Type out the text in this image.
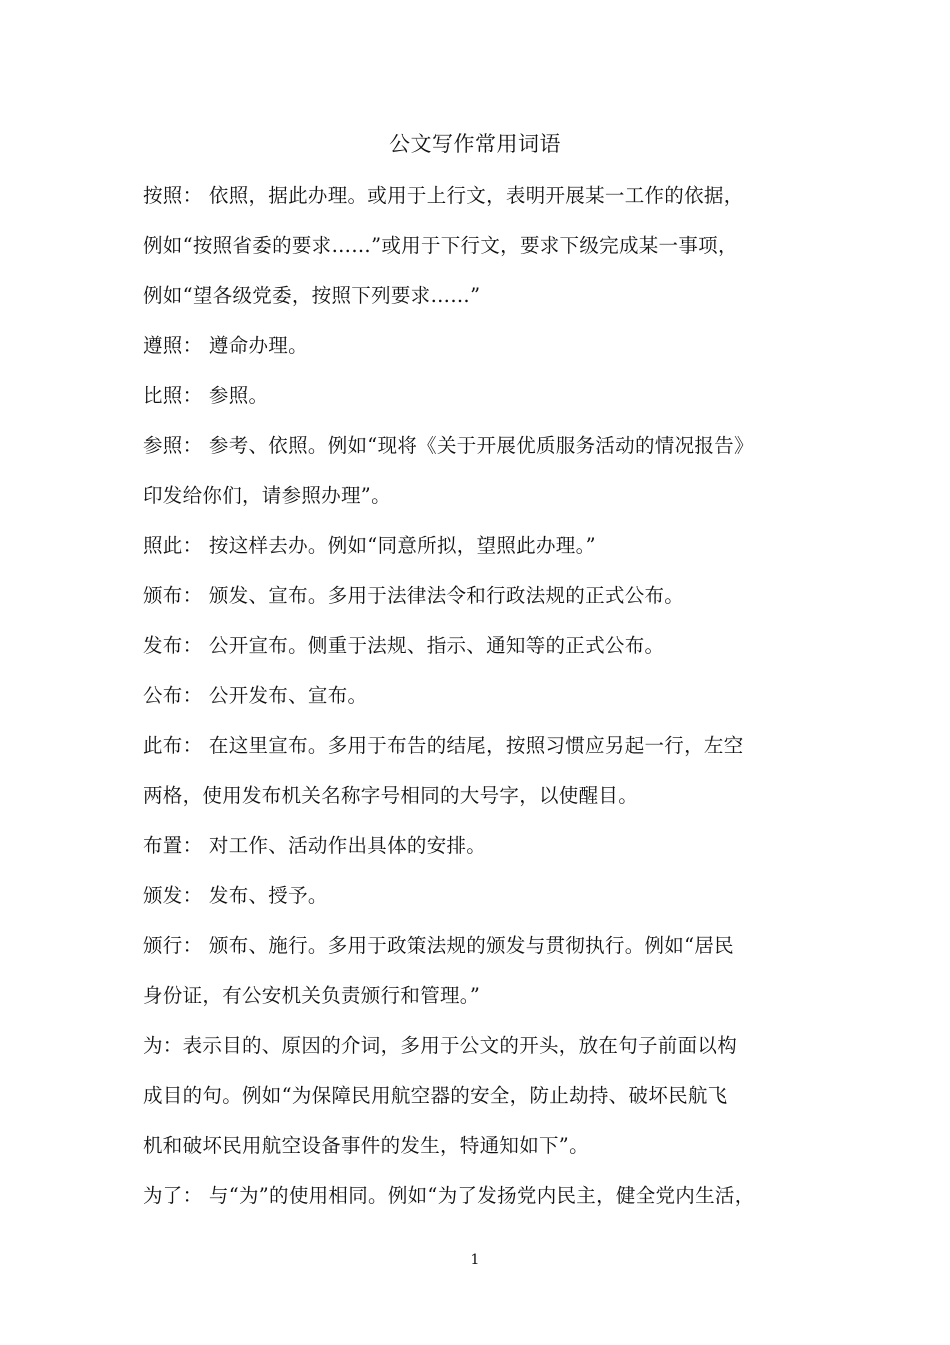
公文写作常用词语
按照： 依照，据此办理。或用于上行文，表明开展某一工作的依据，
例如“按照省委的要求……”或用于下行文，要求下级完成某一事项，
例如“望各级党委，按照下列要求……”
遵照： 遵命办理。
比照： 参照。
参照： 参考、依照。例如“现将《关于开展优质服务活动的情况报告》
印发给你们，请参照办理”。
照此： 按这样去办。例如“同意所拟，望照此办理。”
颁布： 颁发、宣布。多用于法律法令和行政法规的正式公布。
发布： 公开宣布。侧重于法规、指示、通知等的正式公布。
公布： 公开发布、宣布。
此布： 在这里宣布。多用于布告的结尾，按照习惯应另起一行，左空
两格，使用发布机关名称字号相同的大号字，以使醒目。
布置： 对工作、活动作出具体的安排。
颁发： 发布、授予。
颁行： 颁布、施行。多用于政策法规的颁发与贯彻执行。例如“居民
身份证，有公安机关负责颁行和管理。”
为：表示目的、原因的介词，多用于公文的开头，放在句子前面以构
成目的句。例如“为保障民用航空器的安全，防止劫持、破坏民航飞
机和破坏民用航空设备事件的发生，特通知如下”。
为了： 与“为”的使用相同。例如“为了发扬党内民主，健全党内生活，
1
